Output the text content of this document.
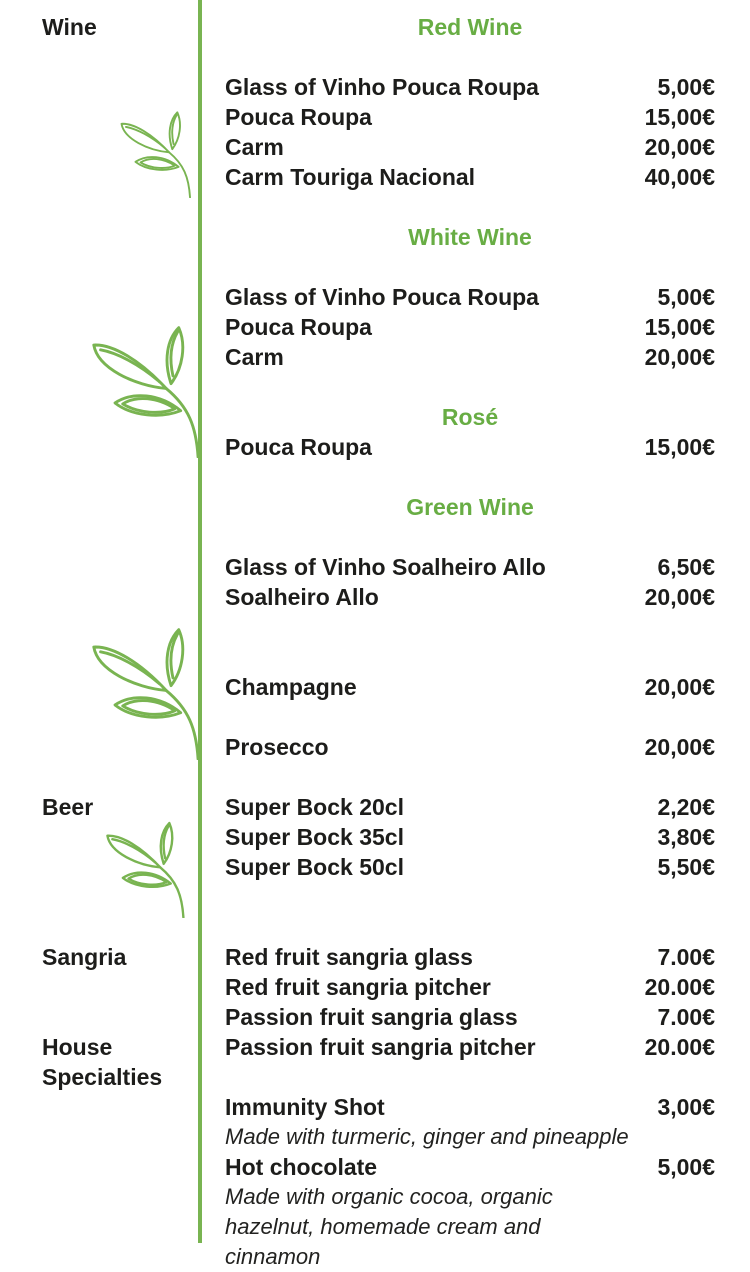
Wine
Beer
Sangria
House Specialties
Red Wine
Glass of Vinho Pouca Roupa	5,00€
Pouca Roupa	15,00€
Carm	20,00€
Carm Touriga Nacional	40,00€
White Wine
Glass of Vinho Pouca Roupa	5,00€
Pouca Roupa	15,00€
Carm	20,00€
Rosé
Pouca Roupa	15,00€
Green Wine
Glass of Vinho Soalheiro Allo	6,50€
Soalheiro Allo	20,00€
Champagne	20,00€
Prosecco	20,00€
Super Bock 20cl	2,20€
Super Bock 35cl	3,80€
Super Bock 50cl	5,50€
Red fruit sangria glass	7.00€
Red fruit sangria pitcher	20.00€
Passion fruit sangria glass	7.00€
Passion fruit sangria pitcher	20.00€
Immunity Shot	3,00€
Made with turmeric, ginger and pineapple
Hot chocolate	5,00€
Made with organic cocoa, organic hazelnut, homemade cream and cinnamon
